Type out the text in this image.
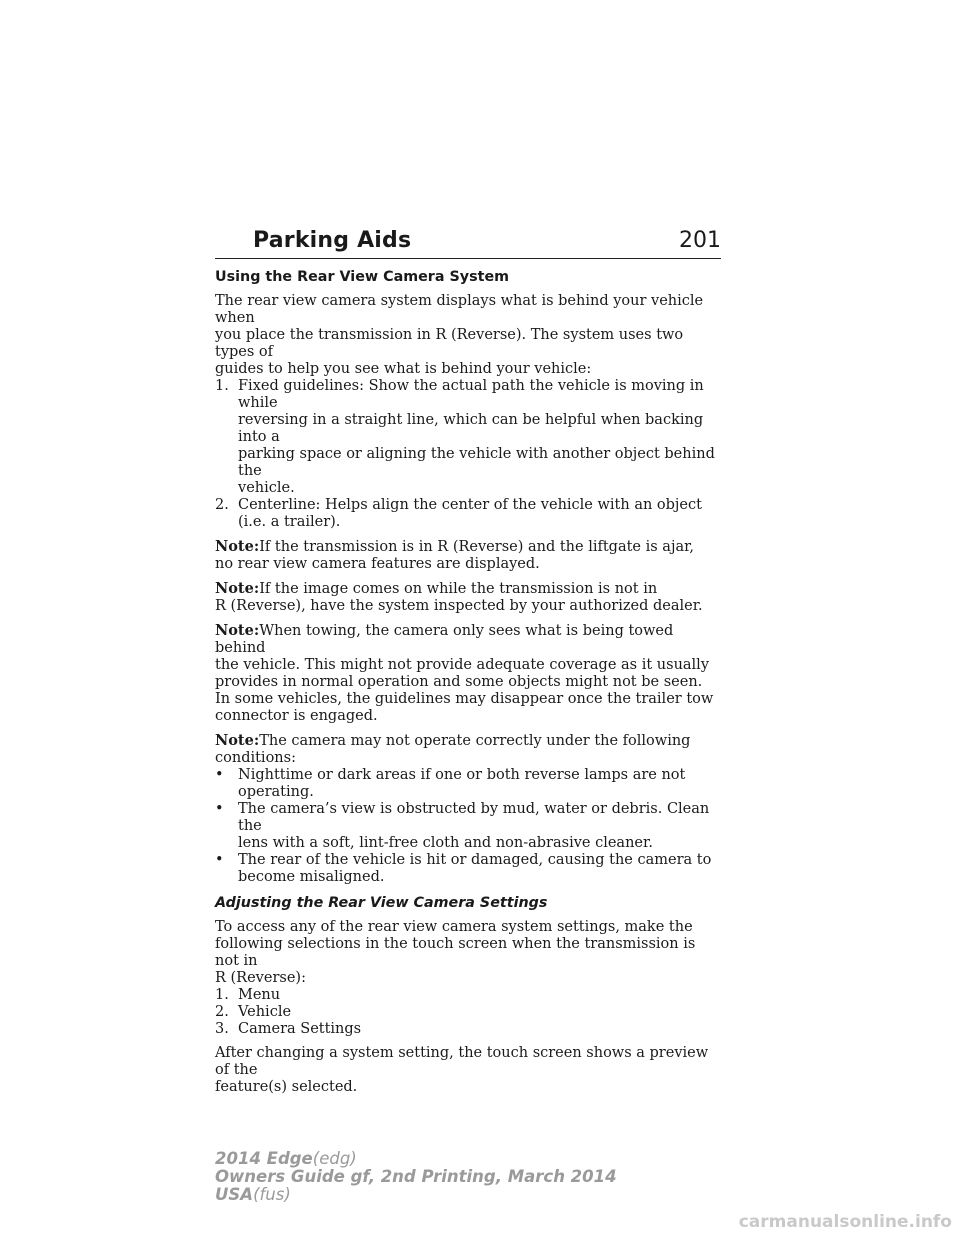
Parking Aids	201
Using the Rear View Camera System

The rear view camera system displays what is behind your vehicle when
you place the transmission in R (Reverse). The system uses two types of
guides to help you see what is behind your vehicle:

1. Fixed guidelines: Show the actual path the vehicle is moving in while
reversing in a straight line, which can be helpful when backing into a
parking space or aligning the vehicle with another object behind the
vehicle.
2. Centerline: Helps align the center of the vehicle with an object
(i.e. a trailer).

Note:If the transmission is in R (Reverse) and the liftgate is ajar,
no rear view camera features are displayed.

Note:If the image comes on while the transmission is not in
R (Reverse), have the system inspected by your authorized dealer.

Note:When towing, the camera only sees what is being towed behind
the vehicle. This might not provide adequate coverage as it usually
provides in normal operation and some objects might not be seen.
In some vehicles, the guidelines may disappear once the trailer tow
connector is engaged.

Note:The camera may not operate correctly under the following
conditions:

• Nighttime or dark areas if one or both reverse lamps are not
operating.
• The camera’s view is obstructed by mud, water or debris. Clean the
lens with a soft, lint-free cloth and non-abrasive cleaner.
• The rear of the vehicle is hit or damaged, causing the camera to
become misaligned.
Adjusting the Rear View Camera Settings

To access any of the rear view camera system settings, make the
following selections in the touch screen when the transmission is not in
R (Reverse):

1. Menu
2. Vehicle
3. Camera Settings

After changing a system setting, the touch screen shows a preview of the
feature(s) selected.

2014 Edge(edg)
Owners Guide gf, 2nd Printing, March 2014
USA(fus)
carmanualsonline.info
